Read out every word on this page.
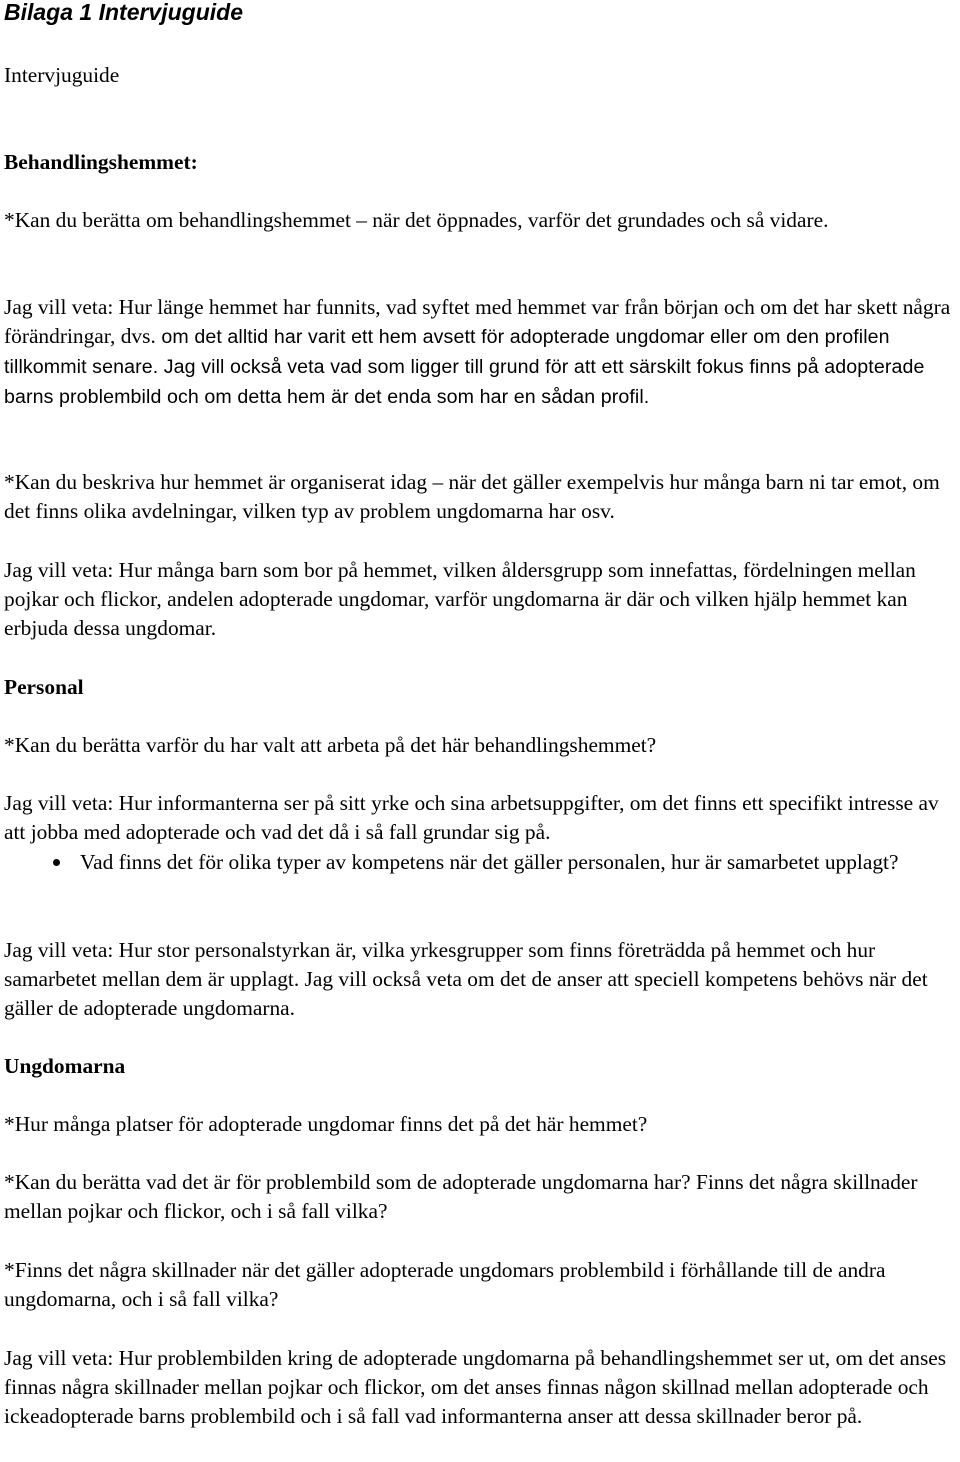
Bilaga 1 Intervjuguide
Intervjuguide
Behandlingshemmet:

*Kan du berätta om behandlingshemmet – när det öppnades, varför det grundades och så vidare.

Jag vill veta: Hur länge hemmet har funnits, vad syftet med hemmet var från början och om det har skett några förändringar, dvs. om det alltid har varit ett hem avsett för adopterade ungdomar eller om den profilen tillkommit senare. Jag vill också veta vad som ligger till grund för att ett särskilt fokus finns på adopterade barns problembild och om detta hem är det enda som har en sådan profil.

*Kan du beskriva hur hemmet är organiserat idag – när det gäller exempelvis hur många barn ni tar emot, om det finns olika avdelningar, vilken typ av problem ungdomarna har osv.

Jag vill veta: Hur många barn som bor på hemmet, vilken åldersgrupp som innefattas, fördelningen mellan pojkar och flickor, andelen adopterade ungdomar, varför ungdomarna är där och vilken hjälp hemmet kan erbjuda dessa ungdomar.

Personal

*Kan du berätta varför du har valt att arbeta på det här behandlingshemmet?

Jag vill veta: Hur informanterna ser på sitt yrke och sina arbetsuppgifter, om det finns ett specifikt intresse av att jobba med adopterade och vad det då i så fall grundar sig på.

Vad finns det för olika typer av kompetens när det gäller personalen, hur är samarbetet upplagt?

Jag vill veta: Hur stor personalstyrkan är, vilka yrkesgrupper som finns företrädda på hemmet och hur samarbetet mellan dem är upplagt. Jag vill också veta om det de anser att speciell kompetens behövs när det gäller de adopterade ungdomarna.

Ungdomarna

*Hur många platser för adopterade ungdomar finns det på det här hemmet?

*Kan du berätta vad det är för problembild som de adopterade ungdomarna har? Finns det några skillnader mellan pojkar och flickor, och i så fall vilka?

*Finns det några skillnader när det gäller adopterade ungdomars problembild i förhållande till de andra ungdomarna, och i så fall vilka?

Jag vill veta: Hur problembilden kring de adopterade ungdomarna på behandlingshemmet ser ut, om det anses finnas några skillnader mellan pojkar och flickor, om det anses finnas någon skillnad mellan adopterade och ickeadopterade barns problembild och i så fall vad informanterna anser att dessa skillnader beror på.
